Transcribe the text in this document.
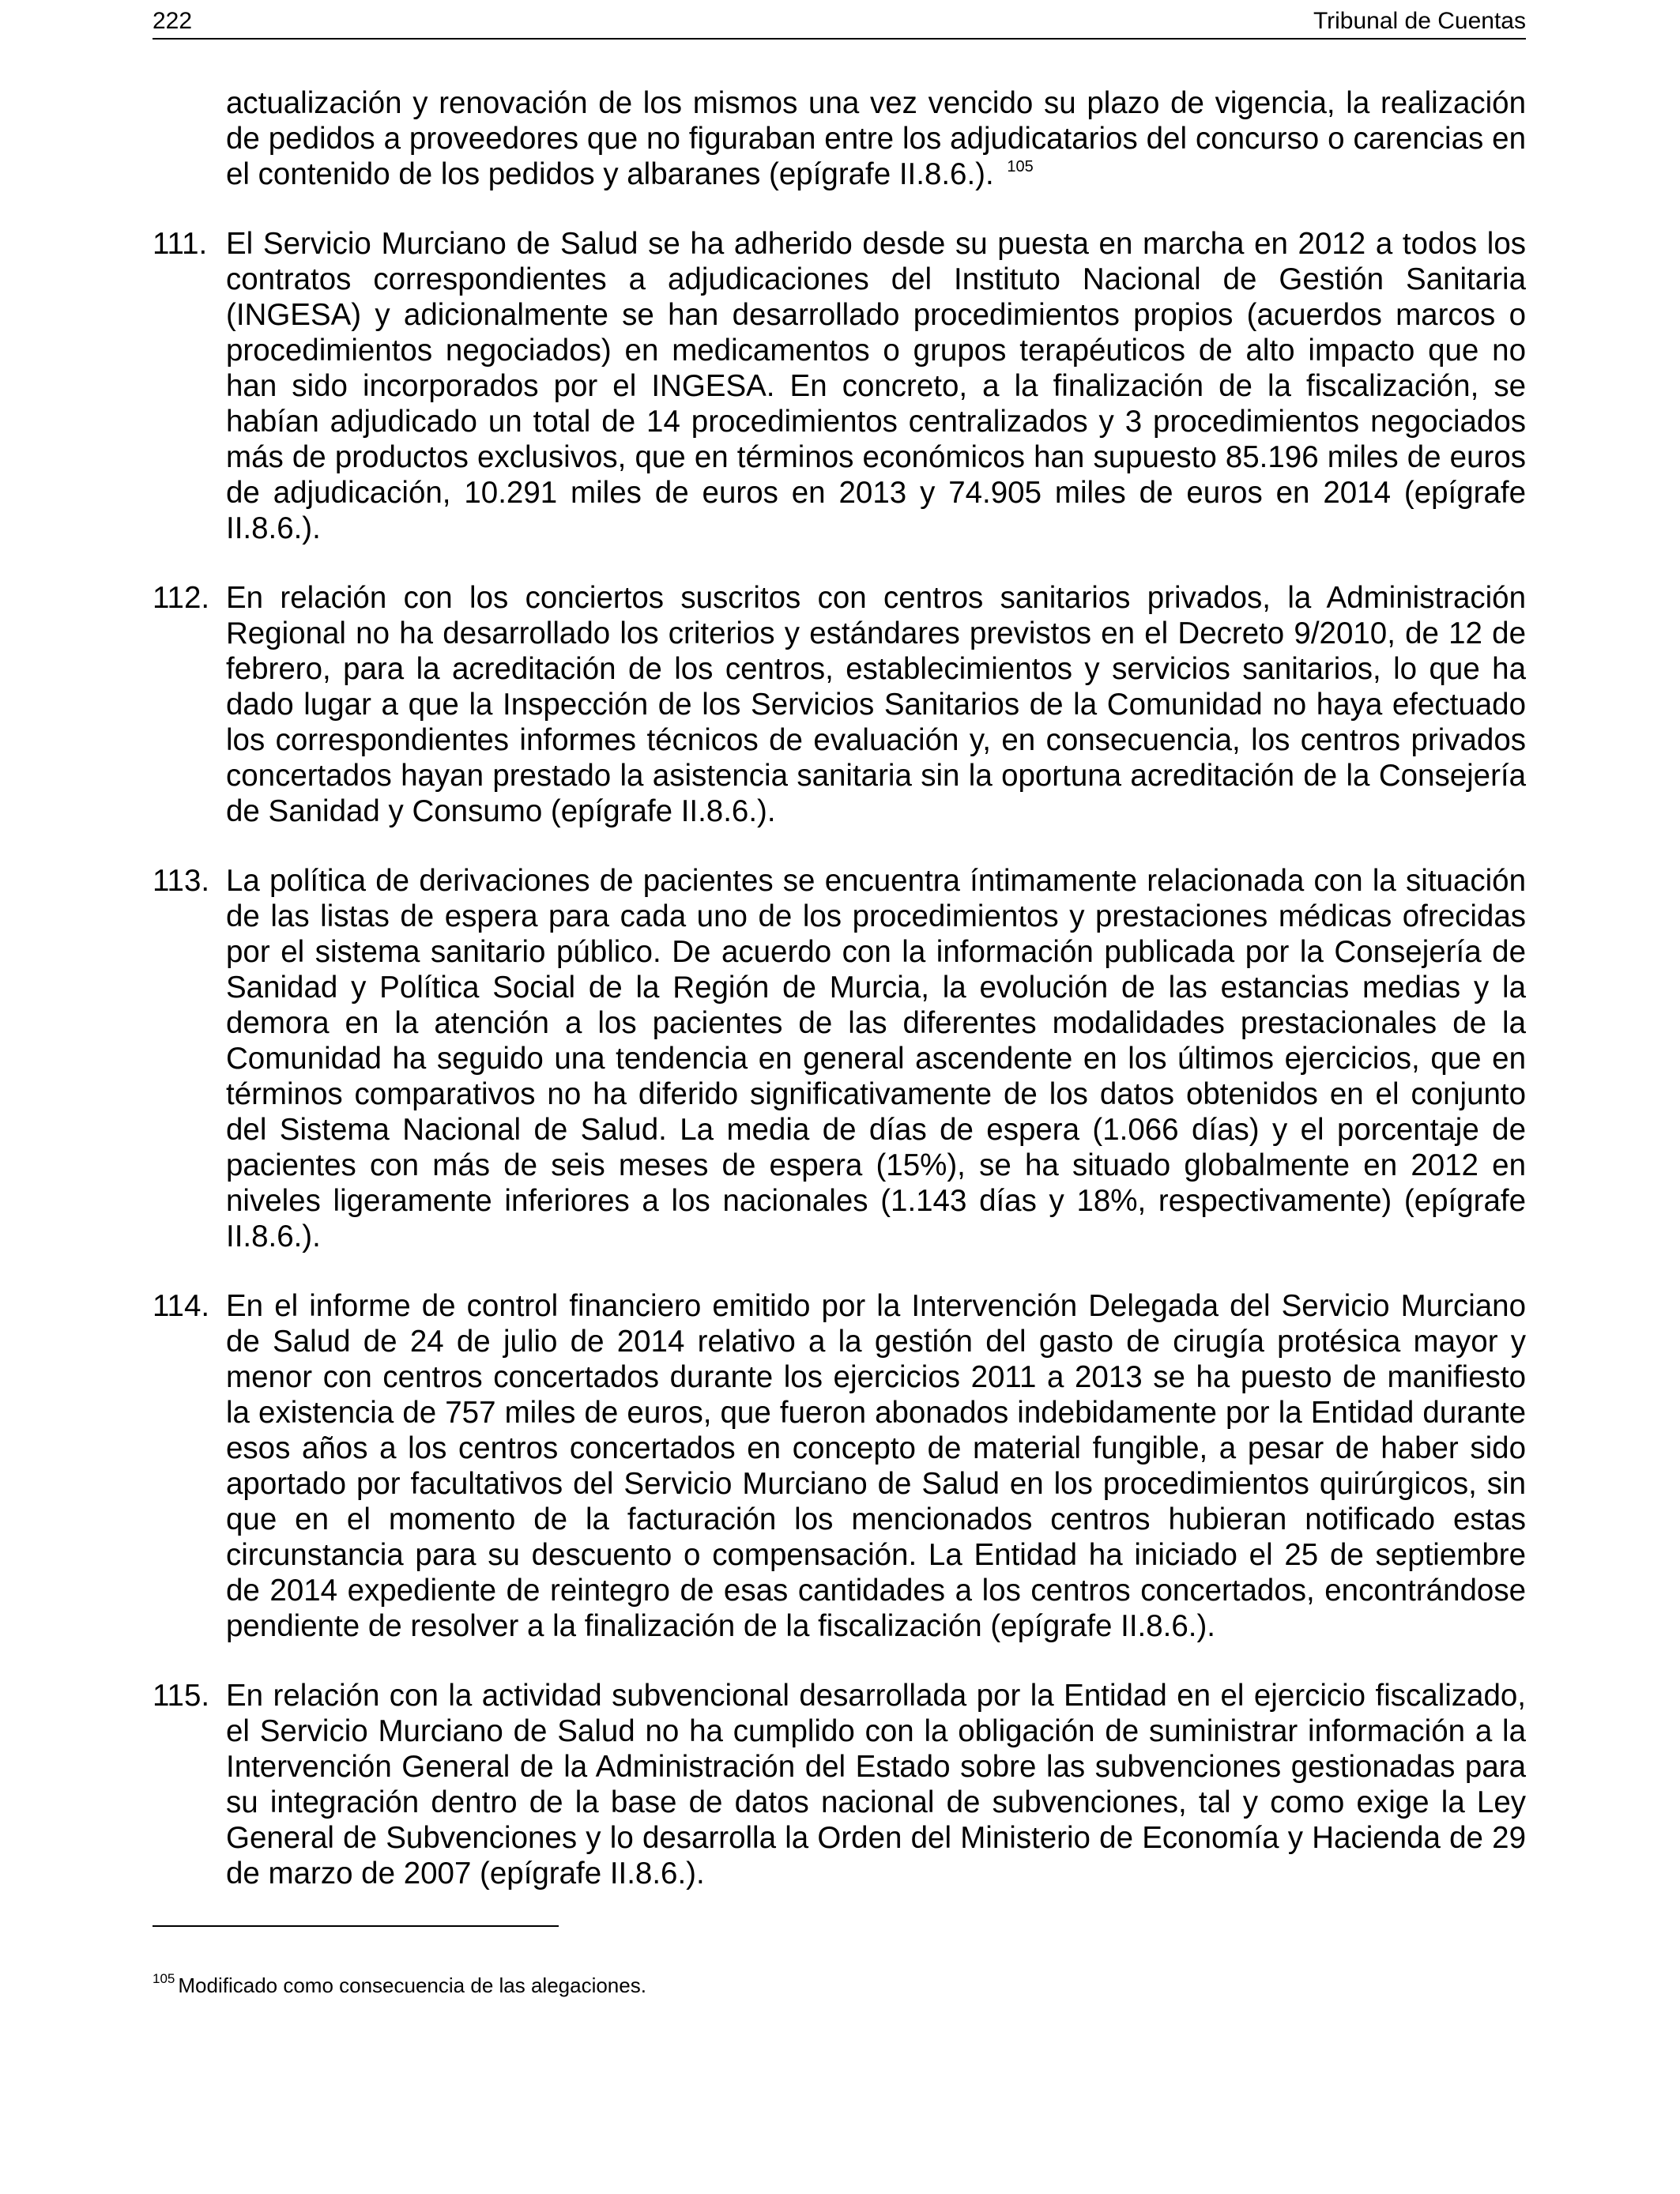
222	Tribunal de Cuentas
actualización y renovación de los mismos una vez vencido su plazo de vigencia, la realización de pedidos a proveedores que no figuraban entre los adjudicatarios del concurso o carencias en el contenido de los pedidos y albaranes (epígrafe II.8.6.). $^{105}$
111. El Servicio Murciano de Salud se ha adherido desde su puesta en marcha en 2012 a todos los contratos correspondientes a adjudicaciones del Instituto Nacional de Gestión Sanitaria (INGESA) y adicionalmente se han desarrollado procedimientos propios (acuerdos marcos o procedimientos negociados) en medicamentos o grupos terapéuticos de alto impacto que no han sido incorporados por el INGESA. En concreto, a la finalización de la fiscalización, se habían adjudicado un total de 14 procedimientos centralizados y 3 procedimientos negociados más de productos exclusivos, que en términos económicos han supuesto 85.196 miles de euros de adjudicación, 10.291 miles de euros en 2013 y 74.905 miles de euros en 2014 (epígrafe II.8.6.).
112. En relación con los conciertos suscritos con centros sanitarios privados, la Administración Regional no ha desarrollado los criterios y estándares previstos en el Decreto 9/2010, de 12 de febrero, para la acreditación de los centros, establecimientos y servicios sanitarios, lo que ha dado lugar a que la Inspección de los Servicios Sanitarios de la Comunidad no haya efectuado los correspondientes informes técnicos de evaluación y, en consecuencia, los centros privados concertados hayan prestado la asistencia sanitaria sin la oportuna acreditación de la Consejería de Sanidad y Consumo (epígrafe II.8.6.).
113. La política de derivaciones de pacientes se encuentra íntimamente relacionada con la situación de las listas de espera para cada uno de los procedimientos y prestaciones médicas ofrecidas por el sistema sanitario público. De acuerdo con la información publicada por la Consejería de Sanidad y Política Social de la Región de Murcia, la evolución de las estancias medias y la demora en la atención a los pacientes de las diferentes modalidades prestacionales de la Comunidad ha seguido una tendencia en general ascendente en los últimos ejercicios, que en términos comparativos no ha diferido significativamente de los datos obtenidos en el conjunto del Sistema Nacional de Salud. La media de días de espera (1.066 días) y el porcentaje de pacientes con más de seis meses de espera (15%), se ha situado globalmente en 2012 en niveles ligeramente inferiores a los nacionales (1.143 días y 18%, respectivamente) (epígrafe II.8.6.).
114. En el informe de control financiero emitido por la Intervención Delegada del Servicio Murciano de Salud de 24 de julio de 2014 relativo a la gestión del gasto de cirugía protésica mayor y menor con centros concertados durante los ejercicios 2011 a 2013 se ha puesto de manifiesto la existencia de 757 miles de euros, que fueron abonados indebidamente por la Entidad durante esos años a los centros concertados en concepto de material fungible, a pesar de haber sido aportado por facultativos del Servicio Murciano de Salud en los procedimientos quirúrgicos, sin que en el momento de la facturación los mencionados centros hubieran notificado estas circunstancia para su descuento o compensación. La Entidad ha iniciado el 25 de septiembre de 2014 expediente de reintegro de esas cantidades a los centros concertados, encontrándose pendiente de resolver a la finalización de la fiscalización (epígrafe II.8.6.).
115. En relación con la actividad subvencional desarrollada por la Entidad en el ejercicio fiscalizado, el Servicio Murciano de Salud no ha cumplido con la obligación de suministrar información a la Intervención General de la Administración del Estado sobre las subvenciones gestionadas para su integración dentro de la base de datos nacional de subvenciones, tal y como exige la Ley General de Subvenciones y lo desarrolla la Orden del Ministerio de Economía y Hacienda de 29 de marzo de 2007 (epígrafe II.8.6.).
$^{105}$ Modificado como consecuencia de las alegaciones.
